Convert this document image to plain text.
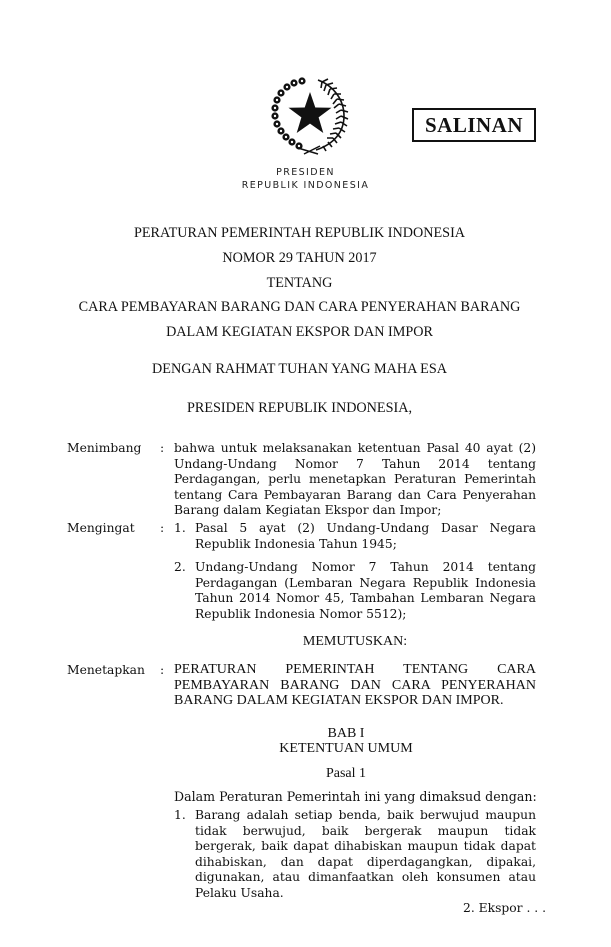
SALINAN
PRESIDEN
REPUBLIK INDONESIA
PERATURAN PEMERINTAH REPUBLIK INDONESIA
NOMOR 29 TAHUN 2017
TENTANG
CARA PEMBAYARAN BARANG DAN CARA PENYERAHAN BARANG
DALAM KEGIATAN EKSPOR DAN IMPOR
DENGAN RAHMAT TUHAN YANG MAHA ESA
PRESIDEN REPUBLIK INDONESIA,
Menimbang : bahwa untuk melaksanakan ketentuan Pasal 40 ayat (2) Undang-Undang Nomor 7 Tahun 2014 tentang Perdagangan, perlu menetapkan Peraturan Pemerintah tentang Cara Pembayaran Barang dan Cara Penyerahan Barang dalam Kegiatan Ekspor dan Impor;
Mengingat : 1. Pasal 5 ayat (2) Undang-Undang Dasar Negara Republik Indonesia Tahun 1945;
2. Undang-Undang Nomor 7 Tahun 2014 tentang Perdagangan (Lembaran Negara Republik Indonesia Tahun 2014 Nomor 45, Tambahan Lembaran Negara Republik Indonesia Nomor 5512);
MEMUTUSKAN:
Menetapkan : PERATURAN PEMERINTAH TENTANG CARA PEMBAYARAN BARANG DAN CARA PENYERAHAN BARANG DALAM KEGIATAN EKSPOR DAN IMPOR.
BAB I
KETENTUAN UMUM
Pasal 1
Dalam Peraturan Pemerintah ini yang dimaksud dengan:
1. Barang adalah setiap benda, baik berwujud maupun tidak berwujud, baik bergerak maupun tidak bergerak, baik dapat dihabiskan maupun tidak dapat dihabiskan, dan dapat diperdagangkan, dipakai, digunakan, atau dimanfaatkan oleh konsumen atau Pelaku Usaha.
2. Ekspor . . .
